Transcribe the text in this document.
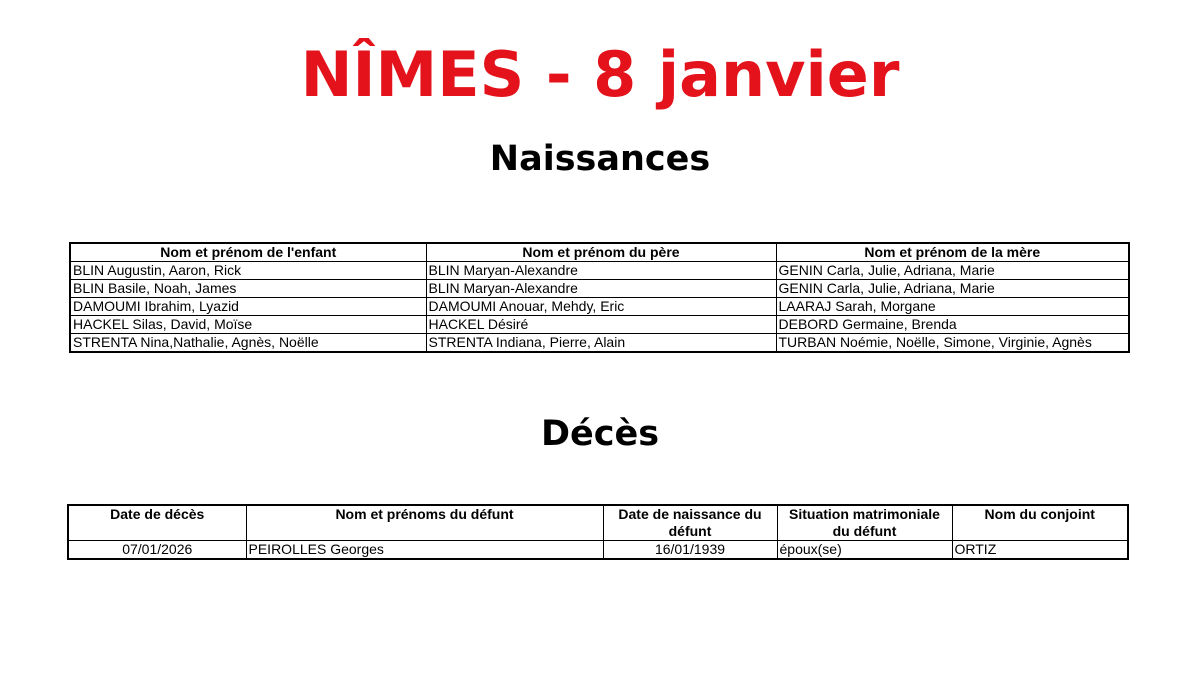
NÎMES - 8 janvier
Naissances
Nom et prénom de l'enfant	Nom et prénom du père	Nom et prénom de la mère
BLIN Augustin, Aaron, Rick	BLIN Maryan-Alexandre	GENIN Carla, Julie, Adriana, Marie
BLIN Basile, Noah, James	BLIN Maryan-Alexandre	GENIN Carla, Julie, Adriana, Marie
DAMOUMI Ibrahim, Lyazid	DAMOUMI Anouar, Mehdy, Eric	LAARAJ Sarah, Morgane
HACKEL Silas, David, Moïse	HACKEL Désiré	DEBORD Germaine, Brenda
STRENTA Nina,Nathalie, Agnès, Noëlle	STRENTA Indiana, Pierre, Alain	TURBAN Noémie, Noëlle, Simone, Virginie, Agnès
Décès
Date de décès	Nom et prénoms du défunt	Date de naissance du défunt	Situation matrimoniale du défunt	Nom du conjoint
07/01/2026	PEIROLLES Georges	16/01/1939	époux(se)	ORTIZ
